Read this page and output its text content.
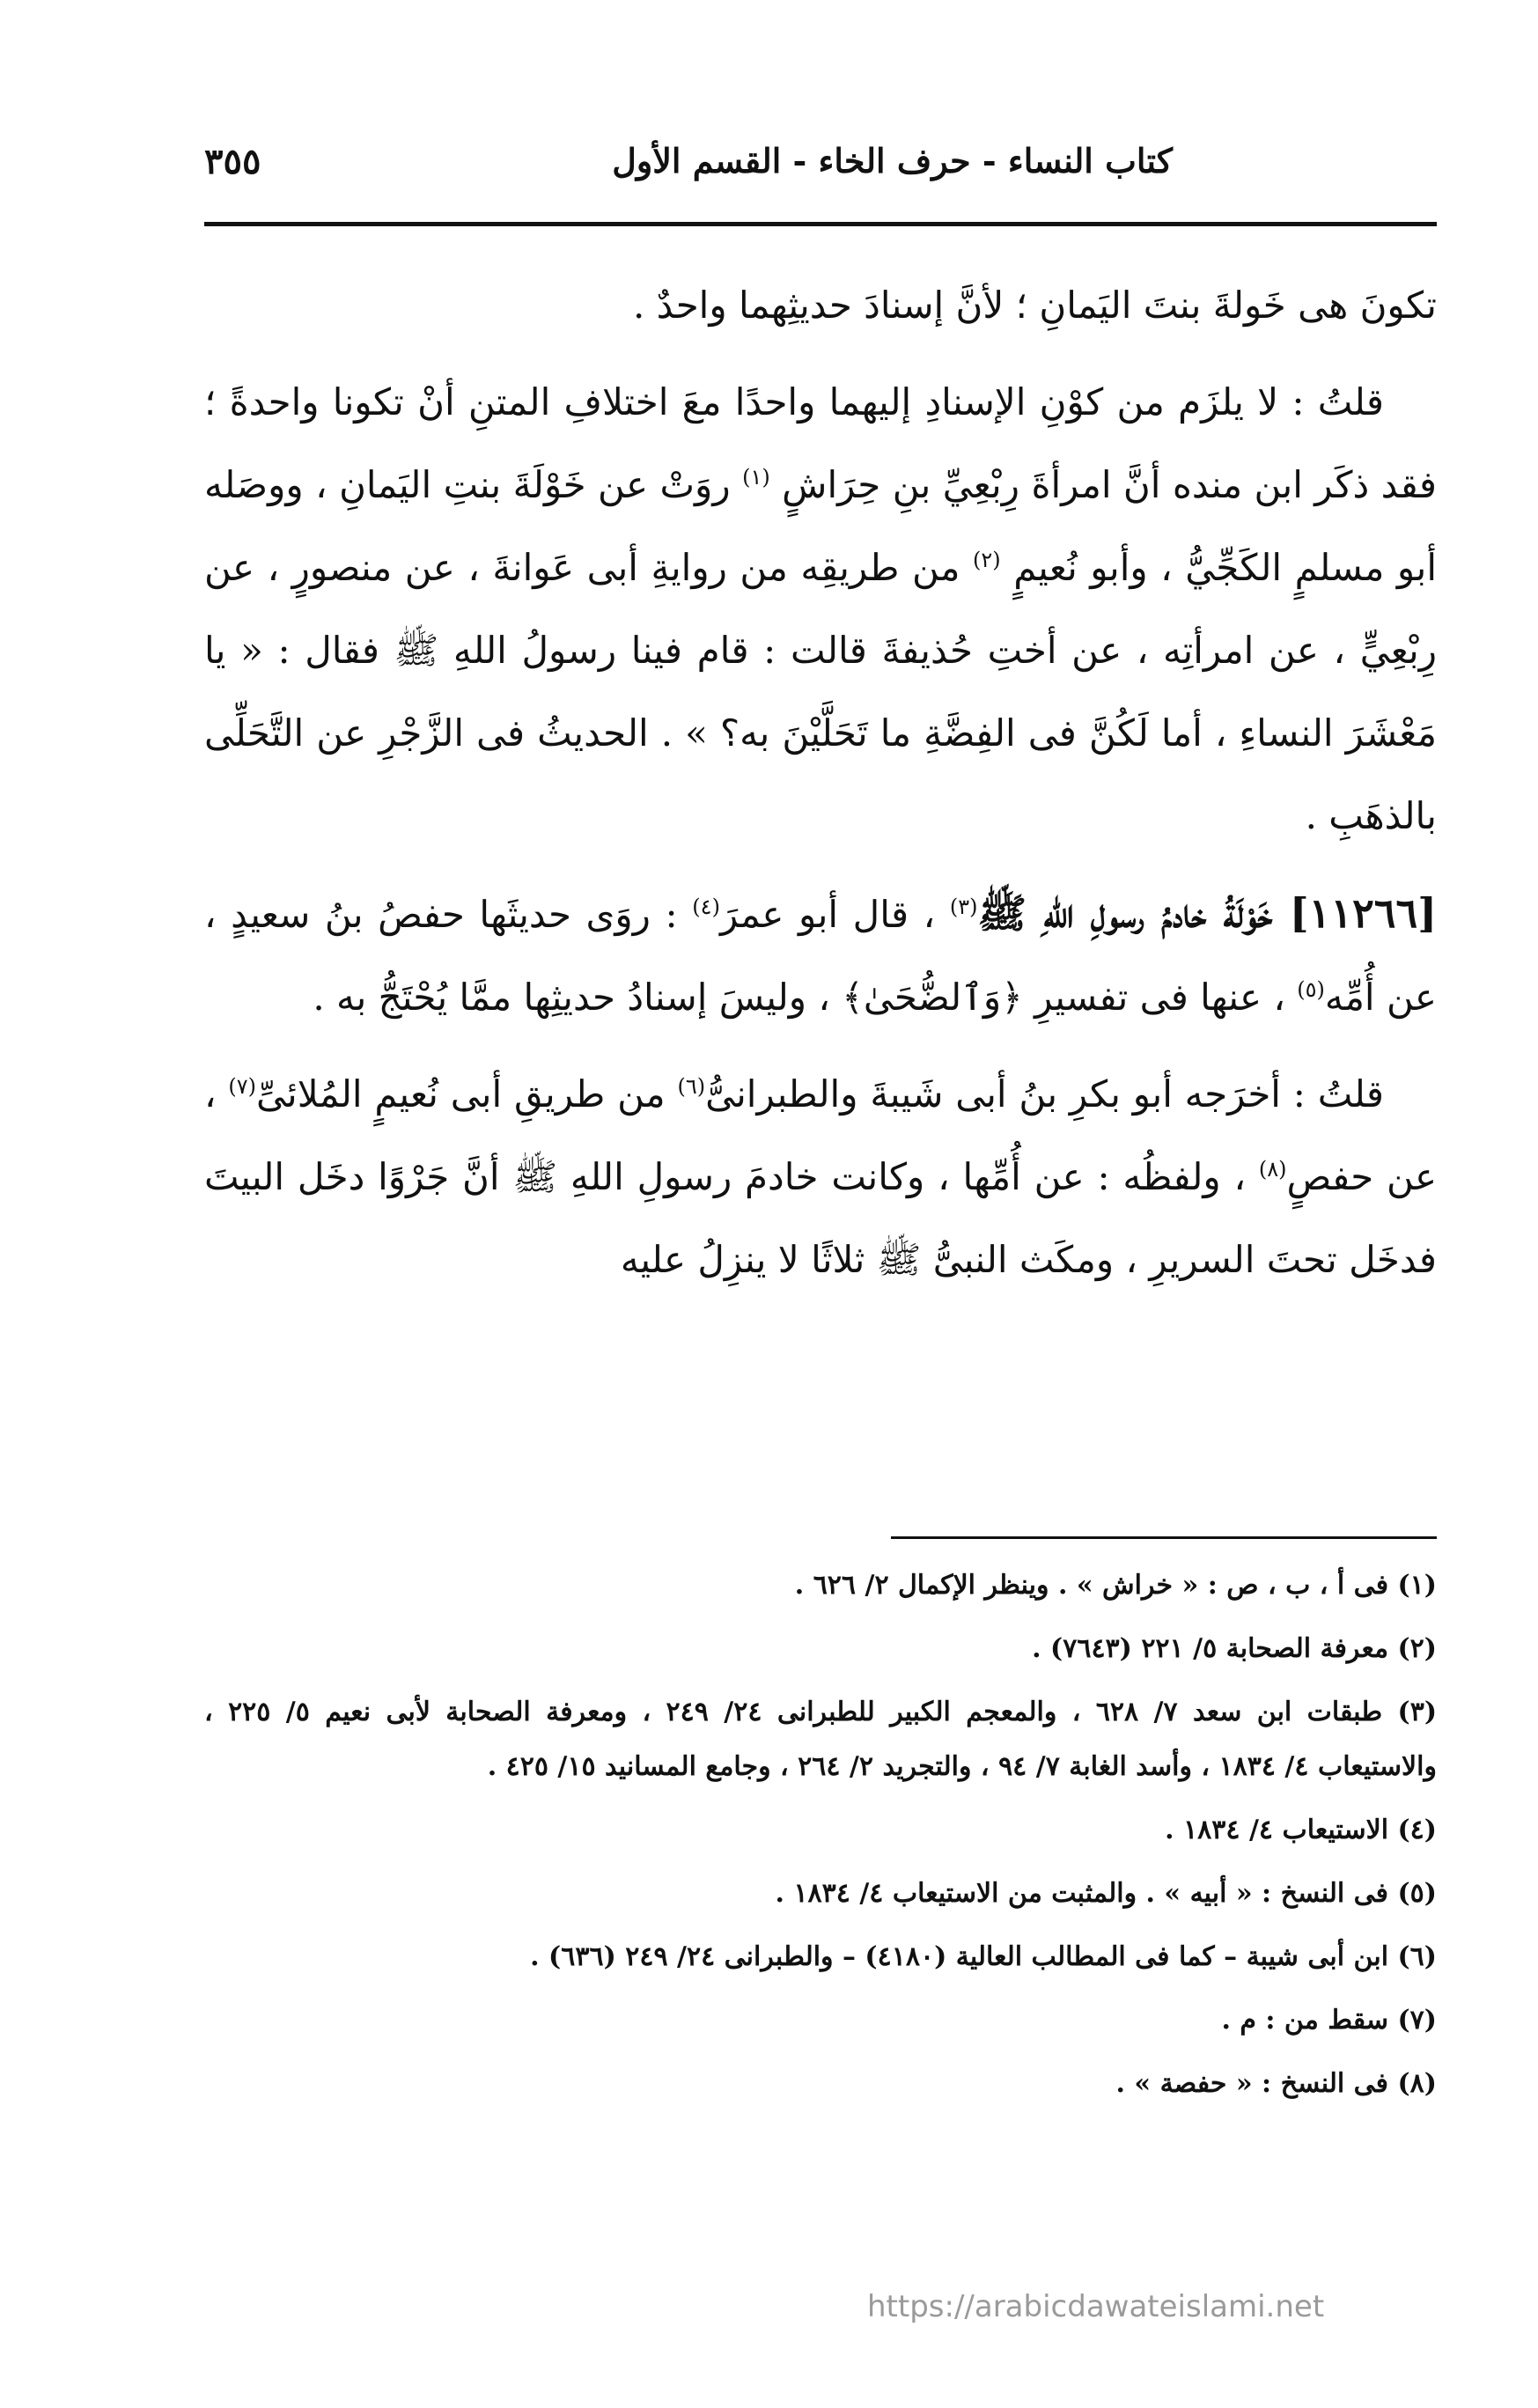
كتاب النساء - حرف الخاء - القسم الأول
٣٥٥

تكونَ هى خَولةَ بنتَ اليَمانِ ؛ لأنَّ إسنادَ حديثِهما واحدٌ .

قلتُ : لا يلزَم من كوْنِ الإسنادِ إليهما واحدًا معَ اختلافِ المتنِ أنْ تكونا واحدةً ؛ فقد ذكَر ابن منده أنَّ امرأةَ رِبْعِيِّ بنِ حِرَاشٍ $^{(١)}$ روَتْ عن خَوْلَةَ بنتِ اليَمانِ ، ووصَله أبو مسلمٍ الكَجِّيُّ ، وأبو نُعيمٍ $^{(٢)}$ من طريقِه من روايةِ أبى عَوانةَ ، عن منصورٍ ، عن رِبْعِيٍّ ، عن امرأتِه ، عن أختِ حُذيفةَ قالت : قام فينا رسولُ اللهِ ﷺ فقال : « يا مَعْشَرَ النساءِ ، أما لَكُنَّ فى الفِضَّةِ ما تَحَلَّيْنَ به؟ » . الحديثُ فى الزَّجْرِ عن التَّحَلِّى بالذهَبِ .

[١١٢٦٦] خَوْلَةُ خادمُ رسولِ اللهِ ﷺ$^{(٣)}$ ، قال أبو عمرَ$^{(٤)}$ : روَى حديثَها حفصُ بنُ سعيدٍ ، عن أُمِّه$^{(٥)}$ ، عنها فى تفسيرِ ﴿وَٱلضُّحَىٰ﴾ ، وليسَ إسنادُ حديثِها ممَّا يُحْتَجُّ به .

قلتُ : أخرَجه أبو بكرِ بنُ أبى شَيبةَ والطبرانىُّ$^{(٦)}$ من طريقِ أبى نُعيمٍ المُلائىِّ$^{(٧)}$ ، عن حفصٍ$^{(٨)}$ ، ولفظُه : عن أُمِّها ، وكانت خادمَ رسولِ اللهِ ﷺ أنَّ جَرْوًا دخَل البيتَ فدخَل تحتَ السريرِ ، ومكَث النبىُّ ﷺ ثلاثًا لا ينزِلُ عليه

(١) فى أ ، ب ، ص : « خراش » . وينظر الإكمال ٢/ ٦٢٦ .

(٢) معرفة الصحابة ٥/ ٢٢١ (٧٦٤٣) .

(٣) طبقات ابن سعد ٧/ ٦٢٨ ، والمعجم الكبير للطبرانى ٢٤/ ٢٤٩ ، ومعرفة الصحابة لأبى نعيم ٥/ ٢٢٥ ، والاستيعاب ٤/ ١٨٣٤ ، وأسد الغابة ٧/ ٩٤ ، والتجريد ٢/ ٢٦٤ ، وجامع المسانيد ١٥/ ٤٢٥ .

(٤) الاستيعاب ٤/ ١٨٣٤ .

(٥) فى النسخ : « أبيه » . والمثبت من الاستيعاب ٤/ ١٨٣٤ .

(٦) ابن أبى شيبة – كما فى المطالب العالية (٤١٨٠) – والطبرانى ٢٤/ ٢٤٩ (٦٣٦) .

(٧) سقط من : م .

(٨) فى النسخ : « حفصة » .

https://arabicdawateislami.net
